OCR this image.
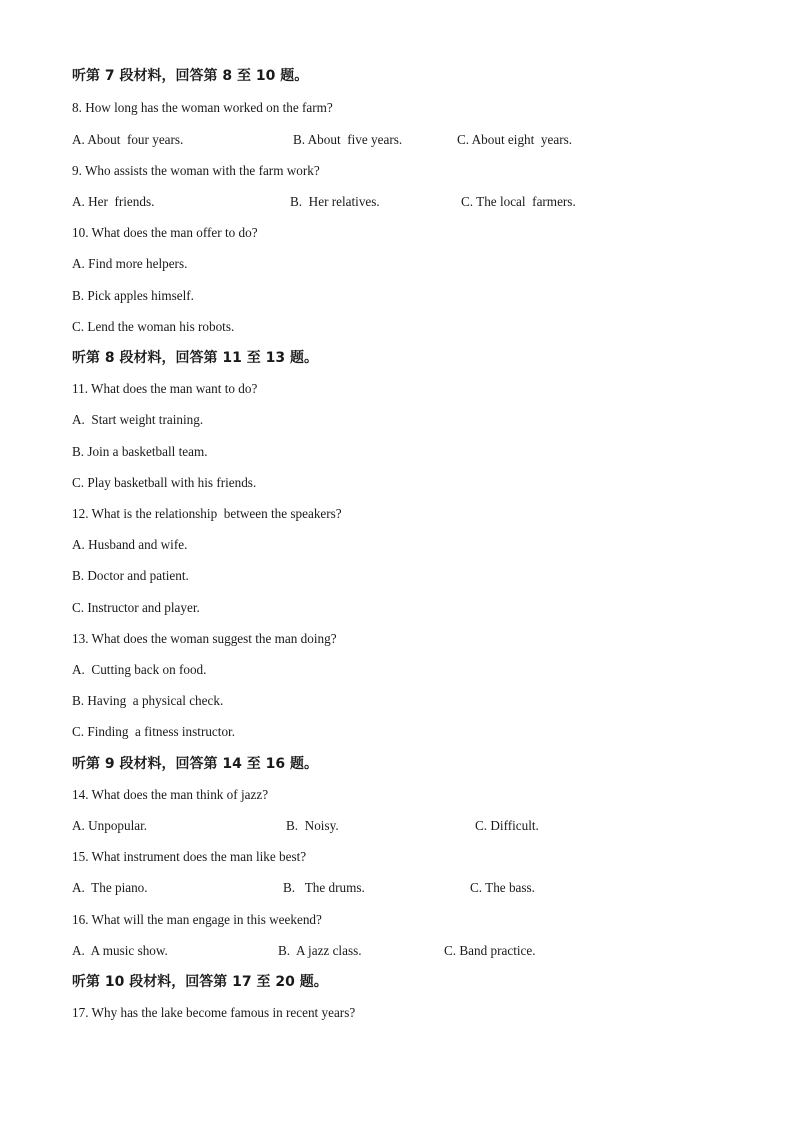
听第 7 段材料，回答第 8 至 10 题。
8. How long has the woman worked on the farm?
A. About  four years.	B. About  five years.	C. About eight  years.
9. Who assists the woman with the farm work?
A. Her  friends.	B.  Her relatives.	C. The local  farmers.
10. What does the man offer to do?
A. Find more helpers.
B. Pick apples himself.
C. Lend the woman his robots.
听第 8 段材料，回答第 11 至 13 题。
11. What does the man want to do?
A.  Start weight training.
B. Join a basketball team.
C. Play basketball with his friends.
12. What is the relationship  between the speakers?
A. Husband and wife.
B. Doctor and patient.
C. Instructor and player.
13. What does the woman suggest the man doing?
A.  Cutting back on food.
B. Having  a physical check.
C. Finding  a fitness instructor.
听第 9 段材料，回答第 14 至 16 题。
14. What does the man think of jazz?
A. Unpopular.	B.  Noisy.	C. Difficult.
15. What instrument does the man like best?
A.  The piano.	B.   The drums.	C. The bass.
16. What will the man engage in this weekend?
A.  A music show.	B.  A jazz class.	C. Band practice.
听第 10 段材料，回答第 17 至 20 题。
17. Why has the lake become famous in recent years?
